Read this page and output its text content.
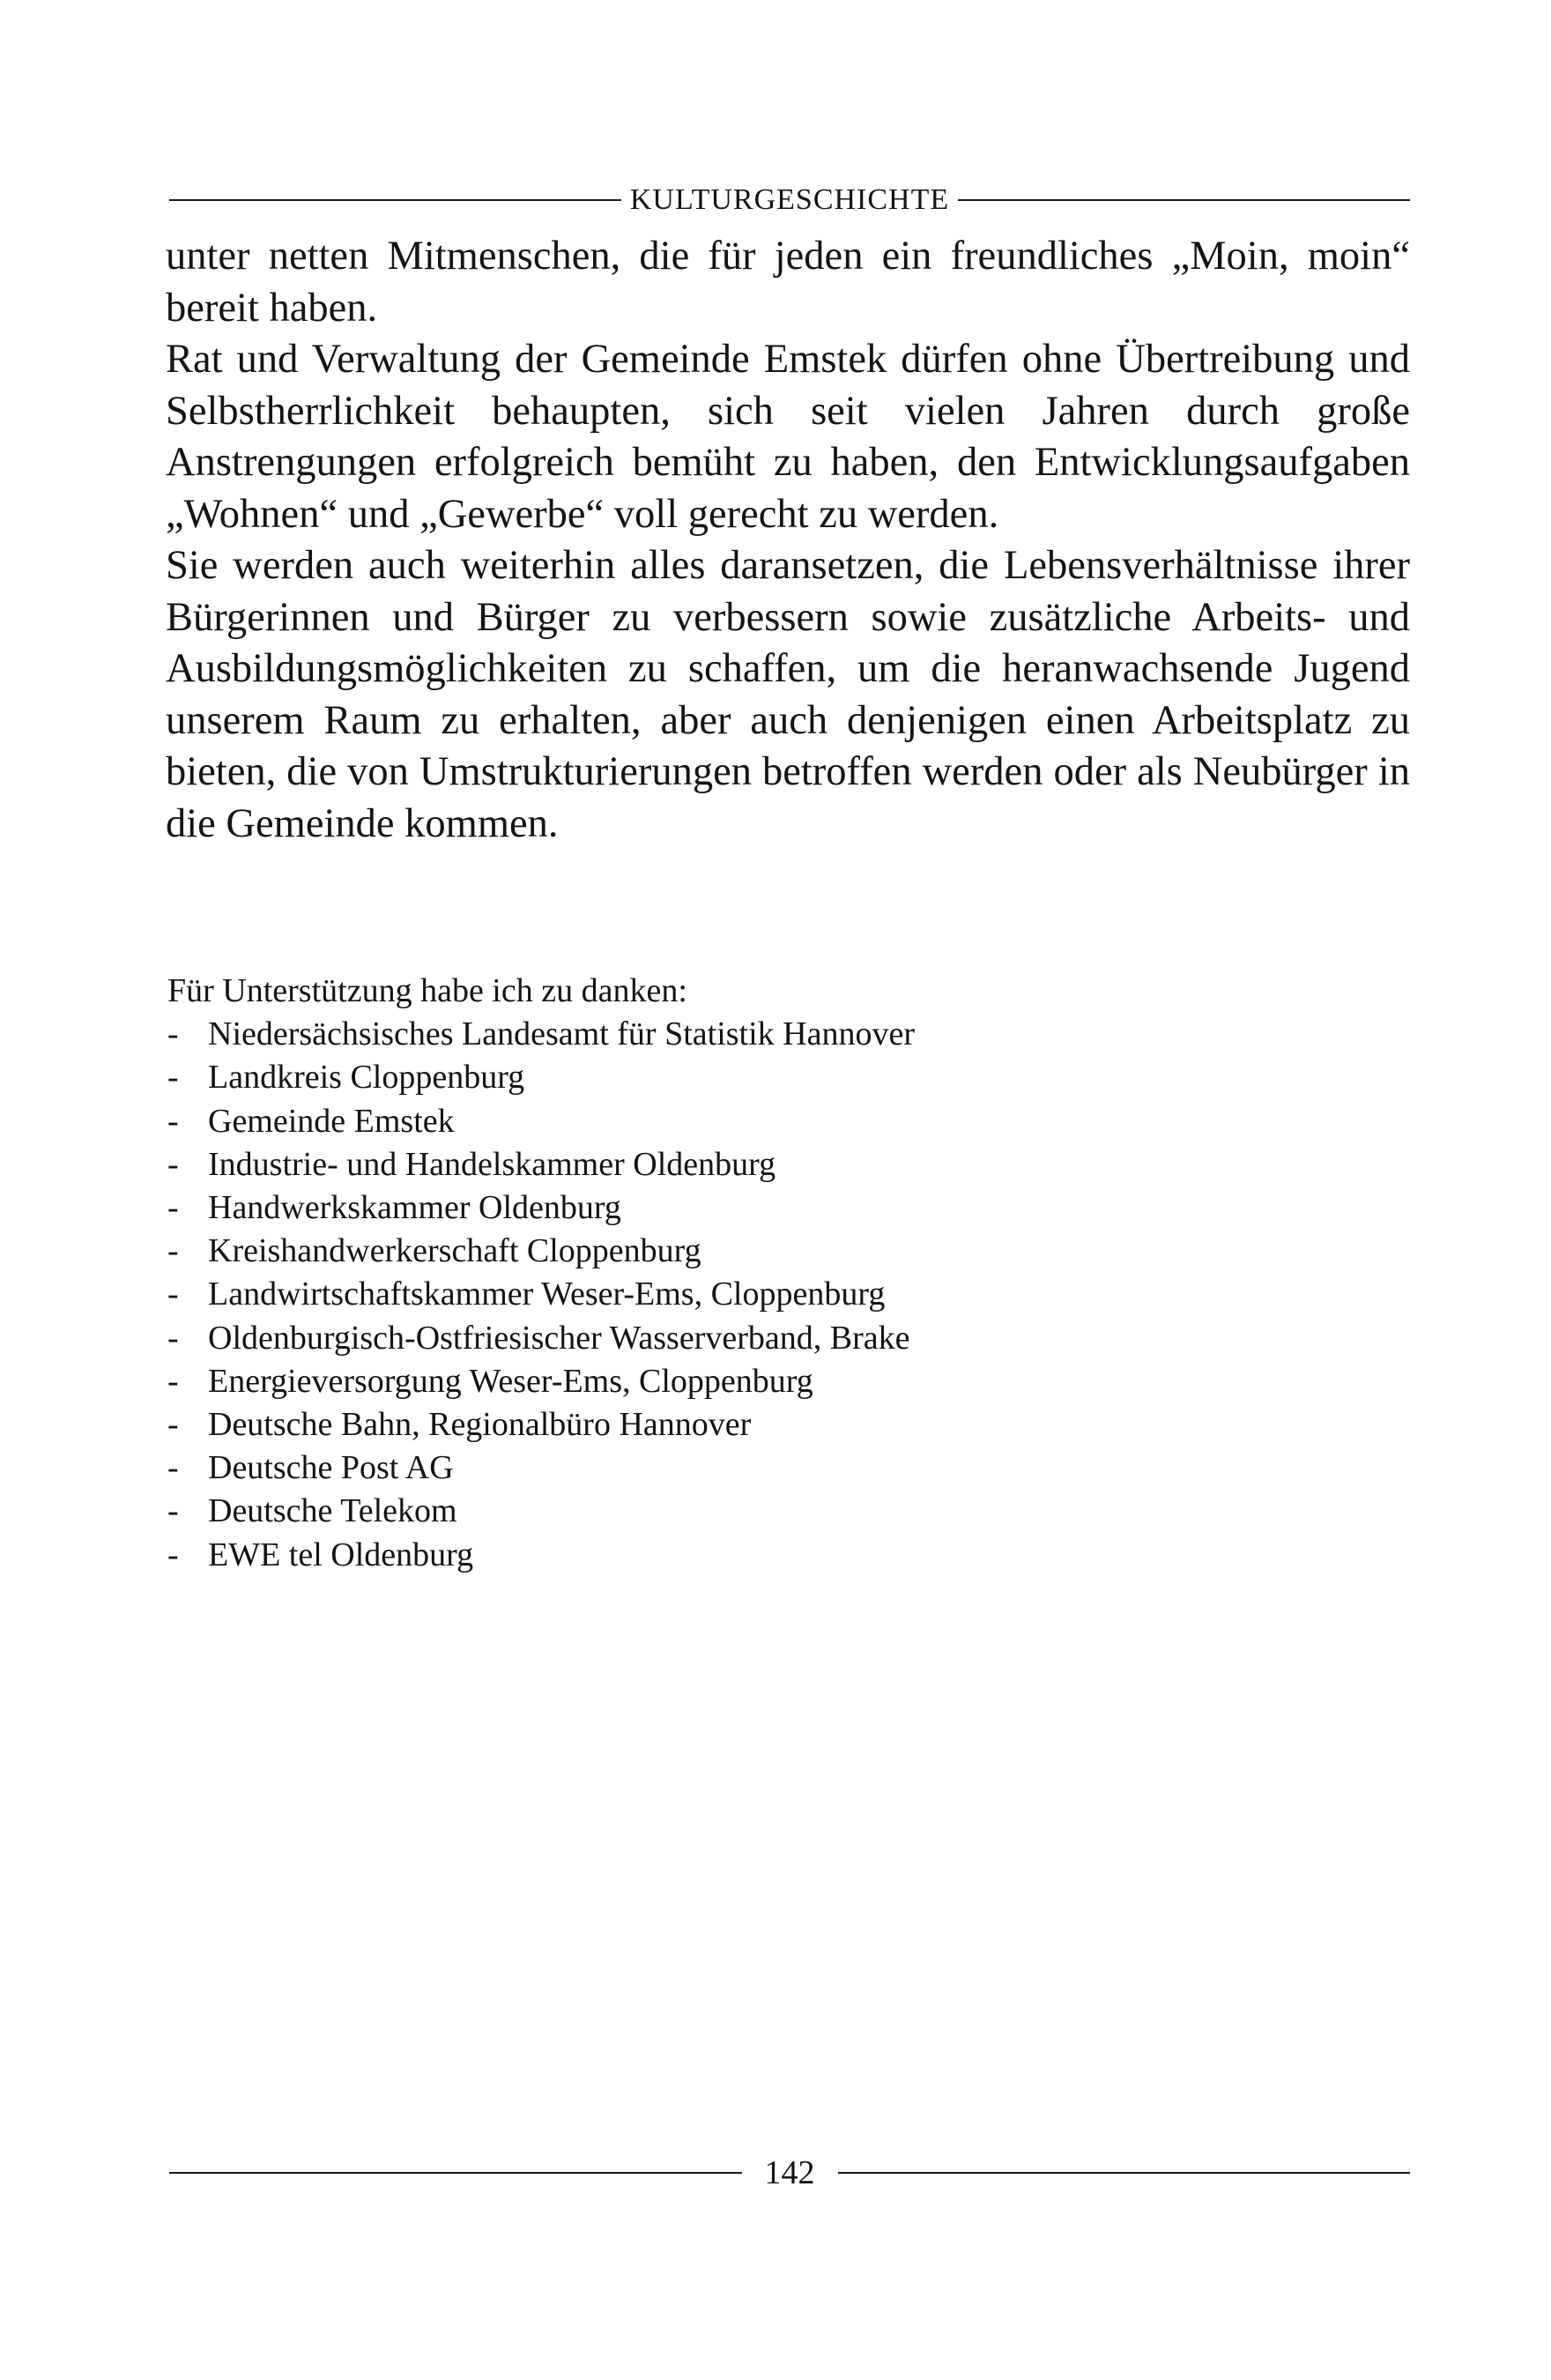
KULTURGESCHICHTE

unter netten Mitmenschen, die für jeden ein freundliches „Moin, moin“ bereit haben.

Rat und Verwaltung der Gemeinde Emstek dürfen ohne Übertreibung und Selbstherrlichkeit behaupten, sich seit vielen Jahren durch große Anstrengungen erfolgreich bemüht zu haben, den Entwicklungsaufgaben „Wohnen“ und „Gewerbe“ voll gerecht zu werden.

Sie werden auch weiterhin alles daransetzen, die Lebensverhältnisse ihrer Bürgerinnen und Bürger zu verbessern sowie zusätzliche Arbeits- und Ausbildungsmöglichkeiten zu schaffen, um die heranwachsende Jugend unserem Raum zu erhalten, aber auch denjenigen einen Arbeitsplatz zu bieten, die von Umstrukturierungen betroffen werden oder als Neubürger in die Gemeinde kommen.

Für Unterstützung habe ich zu danken:

- Niedersächsisches Landesamt für Statistik Hannover
- Landkreis Cloppenburg
- Gemeinde Emstek
- Industrie- und Handelskammer Oldenburg
- Handwerkskammer Oldenburg
- Kreishandwerkerschaft Cloppenburg
- Landwirtschaftskammer Weser-Ems, Cloppenburg
- Oldenburgisch-Ostfriesischer Wasserverband, Brake
- Energieversorgung Weser-Ems, Cloppenburg
- Deutsche Bahn, Regionalbüro Hannover
- Deutsche Post AG
- Deutsche Telekom
- EWE tel Oldenburg
142
